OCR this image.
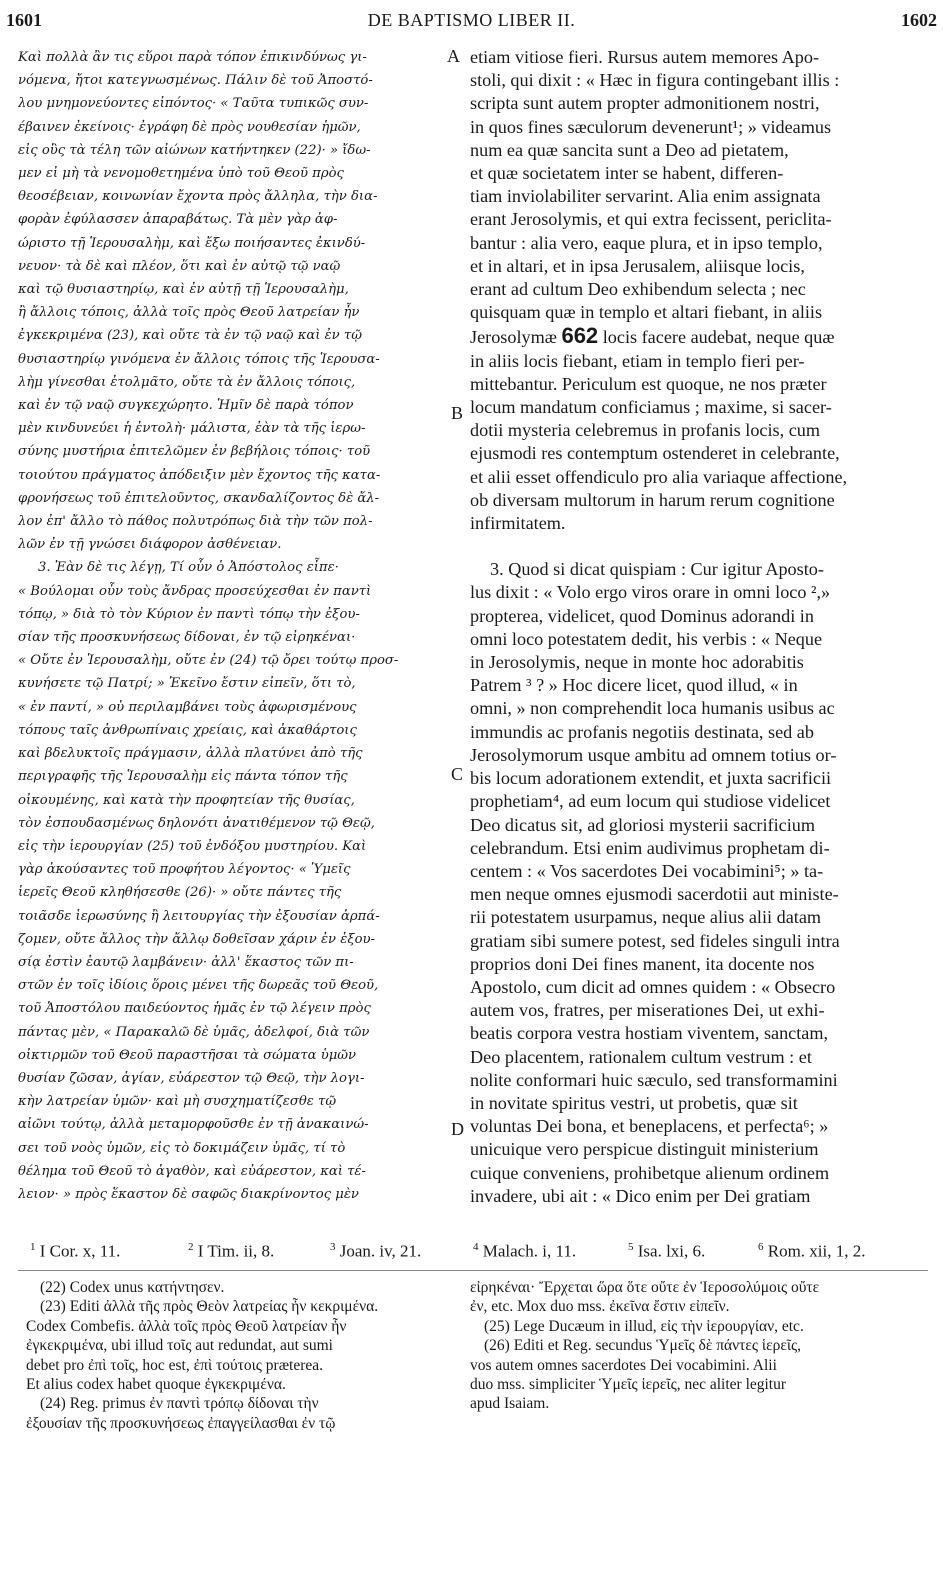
1601	DE BAPTISMO LIBER II.	1602

Καὶ πολλὰ ἂν τις εὕροι παρὰ τόπον ἐπικινδύνως γι-
νόμενα, ἤτοι κατεγνωσμένως. Πάλιν δὲ τοῦ Ἀποστό-
λου μνημονεύοντες εἰπόντος· « Ταῦτα τυπικῶς συν-
έβαινεν ἐκείνοις· ἐγράφη δὲ πρὸς νουθεσίαν ἡμῶν,
εἰς οὓς τὰ τέλη τῶν αἰώνων κατήντηκεν (22)· » ἴδω-
μεν εἰ μὴ τὰ νενομοθετημένα ὑπὸ τοῦ Θεοῦ πρὸς
θεοσέβειαν, κοινωνίαν ἔχοντα πρὸς ἄλληλα, τὴν δια-
φορὰν ἐφύλασσεν ἀπαραβάτως. Τὰ μὲν γὰρ ἀφ-
ώριστο τῇ Ἱερουσαλὴμ, καὶ ἔξω ποιήσαντες ἐκινδύ-
νευον· τὰ δὲ καὶ πλέον, ὅτι καὶ ἐν αὐτῷ τῷ ναῷ
καὶ τῷ θυσιαστηρίῳ, καὶ ἐν αὐτῇ τῇ Ἱερουσαλὴμ,
ἢ ἄλλοις τόποις, ἀλλὰ τοῖς πρὸς Θεοῦ λατρείαν ἦν
ἐγκεκριμένα (23), καὶ οὔτε τὰ ἐν τῷ ναῷ καὶ ἐν τῷ
θυσιαστηρίῳ γινόμενα ἐν ἄλλοις τόποις τῆς Ἱερουσα-
λὴμ γίνεσθαι ἐτολμᾶτο, οὔτε τὰ ἐν ἄλλοις τόποις,
καὶ ἐν τῷ ναῷ συγκεχώρητο. Ἡμῖν δὲ παρὰ τόπον
μὲν κινδυνεύει ἡ ἐντολὴ· μάλιστα, ἐὰν τὰ τῆς ἱερω-
σύνης μυστήρια ἐπιτελῶμεν ἐν βεβήλοις τόποις· τοῦ
τοιούτου πράγματος ἀπόδειξιν μὲν ἔχοντος τῆς κατα-
φρονήσεως τοῦ ἐπιτελοῦντος, σκανδαλίζοντος δὲ ἄλ-
λον ἐπ' ἄλλο τὸ πάθος πολυτρόπως διὰ τὴν τῶν πολ-
λῶν ἐν τῇ γνώσει διάφορον ἀσθένειαν.

3. Ἐὰν δὲ τις λέγῃ, Τί οὖν ὁ Ἀπόστολος εἶπε·
« Βούλομαι οὖν τοὺς ἄνδρας προσεύχεσθαι ἐν παντὶ
τόπῳ, » διὰ τὸ τὸν Κύριον ἐν παντὶ τόπῳ τὴν ἐξου-
σίαν τῆς προσκυνήσεως δίδοναι, ἐν τῷ εἰρηκέναι·
« Οὔτε ἐν Ἱερουσαλὴμ, οὔτε ἐν (24) τῷ ὄρει τούτῳ προσ-
κυνήσετε τῷ Πατρί; » Ἐκεῖνο ἔστιν εἰπεῖν, ὅτι τὸ,
« ἐν παντί, » οὐ περιλαμβάνει τοὺς ἀφωρισμένους
τόπους ταῖς ἀνθρωπίναις χρείαις, καὶ ἀκαθάρτοις
καὶ βδελυκτοῖς πράγμασιν, ἀλλὰ πλατύνει ἀπὸ τῆς
περιγραφῆς τῆς Ἱερουσαλὴμ εἰς πάντα τόπον τῆς
οἰκουμένης, καὶ κατὰ τὴν προφητείαν τῆς θυσίας,
τὸν ἐσπουδασμένως δηλονότι ἀνατιθέμενον τῷ Θεῷ,
εἰς τὴν ἱερουργίαν (25) τοῦ ἐνδόξου μυστηρίου. Καὶ
γὰρ ἀκούσαντες τοῦ προφήτου λέγοντος· « Ὑμεῖς
ἱερεῖς Θεοῦ κληθήσεσθε (26)· » οὔτε πάντες τῆς
τοιᾶσδε ἱερωσύνης ἢ λειτουργίας τὴν ἐξουσίαν ἁρπά-
ζομεν, οὔτε ἄλλος τὴν ἄλλῳ δοθεῖσαν χάριν ἐν ἐξου-
σίᾳ ἐστὶν ἑαυτῷ λαμβάνειν· ἀλλ' ἕκαστος τῶν πι-
στῶν ἐν τοῖς ἰδίοις ὅροις μένει τῆς δωρεᾶς τοῦ Θεοῦ,
τοῦ Ἀποστόλου παιδεύοντος ἡμᾶς ἐν τῷ λέγειν πρὸς
πάντας μὲν, « Παρακαλῶ δὲ ὑμᾶς, ἀδελφοί, διὰ τῶν
οἰκτιρμῶν τοῦ Θεοῦ παραστῆσαι τὰ σώματα ὑμῶν
θυσίαν ζῶσαν, ἁγίαν, εὐάρεστον τῷ Θεῷ, τὴν λογι-
κὴν λατρείαν ὑμῶν· καὶ μὴ συσχηματίζεσθε τῷ
αἰῶνι τούτῳ, ἀλλὰ μεταμορφοῦσθε ἐν τῇ ἀνακαινώ-
σει τοῦ νοὸς ὑμῶν, εἰς τὸ δοκιμάζειν ὑμᾶς, τί τὸ
θέλημα τοῦ Θεοῦ τὸ ἀγαθὸν, καὶ εὐάρεστον, καὶ τέ-
λειον· » πρὸς ἕκαστον δὲ σαφῶς διακρίνοντος μὲν

A
B
C
D

etiam vitiose fieri. Rursus autem memores Apo-
stoli, qui dixit : « Hæc in figura contingebant illis :
scripta sunt autem propter admonitionem nostri,
in quos fines sæculorum devenerunt¹; » videamus
num ea quæ sancita sunt a Deo ad pietatem,
et quæ societatem inter se habent, differen-
tiam inviolabiliter servarint. Alia enim assignata
erant Jerosolymis, et qui extra fecissent, periclita-
bantur : alia vero, eaque plura, et in ipso templo,
et in altari, et in ipsa Jerusalem, aliisque locis,
erant ad cultum Deo exhibendum selecta ; nec
quisquam quæ in templo et altari fiebant, in aliis
Jerosolymæ 662 locis facere audebat, neque quæ
in aliis locis fiebant, etiam in templo fieri per-
mittebantur. Periculum est quoque, ne nos præter
locum mandatum conficiamus ; maxime, si sacer-
dotii mysteria celebremus in profanis locis, cum
ejusmodi res contemptum ostenderet in celebrante,
et alii esset offendiculo pro alia variaque affectione,
ob diversam multorum in harum rerum cognitione
infirmitatem.

3. Quod si dicat quispiam : Cur igitur Aposto-
lus dixit : « Volo ergo viros orare in omni loco ²,»
propterea, videlicet, quod Dominus adorandi in
omni loco potestatem dedit, his verbis : « Neque
in Jerosolymis, neque in monte hoc adorabitis
Patrem ³ ? » Hoc dicere licet, quod illud, « in
omni, » non comprehendit loca humanis usibus ac
immundis ac profanis negotiis destinata, sed ab
Jerosolymorum usque ambitu ad omnem totius or-
bis locum adorationem extendit, et juxta sacrificii
prophetiam⁴, ad eum locum qui studiose videlicet
Deo dicatus sit, ad gloriosi mysterii sacrificium
celebrandum. Etsi enim audivimus prophetam di-
centem : « Vos sacerdotes Dei vocabimini⁵; » ta-
men neque omnes ejusmodi sacerdotii aut ministe-
rii potestatem usurpamus, neque alius alii datam
gratiam sibi sumere potest, sed fideles singuli intra
proprios doni Dei fines manent, ita docente nos
Apostolo, cum dicit ad omnes quidem : « Obsecro
autem vos, fratres, per miserationes Dei, ut exhi-
beatis corpora vestra hostiam viventem, sanctam,
Deo placentem, rationalem cultum vestrum : et
nolite conformari huic sæculo, sed transformamini
in novitate spiritus vestri, ut probetis, quæ sit
voluntas Dei bona, et beneplacens, et perfecta⁶; »
unicuique vero perspicue distinguit ministerium
cuique conveniens, prohibetque alienum ordinem
invadere, ubi ait : « Dico enim per Dei gratiam

$^1$ I Cor. x, 11.	$^2$ I Tim. ii, 8.	$^3$ Joan. iv, 21.	$^4$ Malach. i, 11.	$^5$ Isa. lxi, 6.	$^6$ Rom. xii, 1, 2.

(22) Codex unus κατήντησεν.

(23) Editi ἀλλὰ τῆς πρὸς Θεὸν λατρείας ἦν κεκριμένα.
Codex Combefis. ἀλλὰ τοῖς πρὸς Θεοῦ λατρείαν ἦν
ἐγκεκριμένα, ubi illud τοῖς aut redundat, aut sumi
debet pro ἐπὶ τοῖς, hoc est, ἐπὶ τούτοις præterea.
Et alius codex habet quoque ἐγκεκριμένα.

(24) Reg. primus ἐν παντὶ τρόπῳ δίδοναι τὴν
ἐξουσίαν τῆς προσκυνήσεως ἐπαγγείλασθαι ἐν τῷ

εἰρηκέναι· Ἔρχεται ὥρα ὅτε οὔτε ἐν Ἱεροσολύμοις οὔτε
ἐν, etc. Mox duo mss. ἐκεῖνα ἔστιν εἰπεῖν.

(25) Lege Ducæum in illud, εἰς τὴν ἱερουργίαν, etc.

(26) Editi et Reg. secundus Ὑμεῖς δὲ πάντες ἱερεῖς,
vos autem omnes sacerdotes Dei vocabimini. Alii
duo mss. simpliciter Ὑμεῖς ἱερεῖς, nec aliter legitur
apud Isaiam.
